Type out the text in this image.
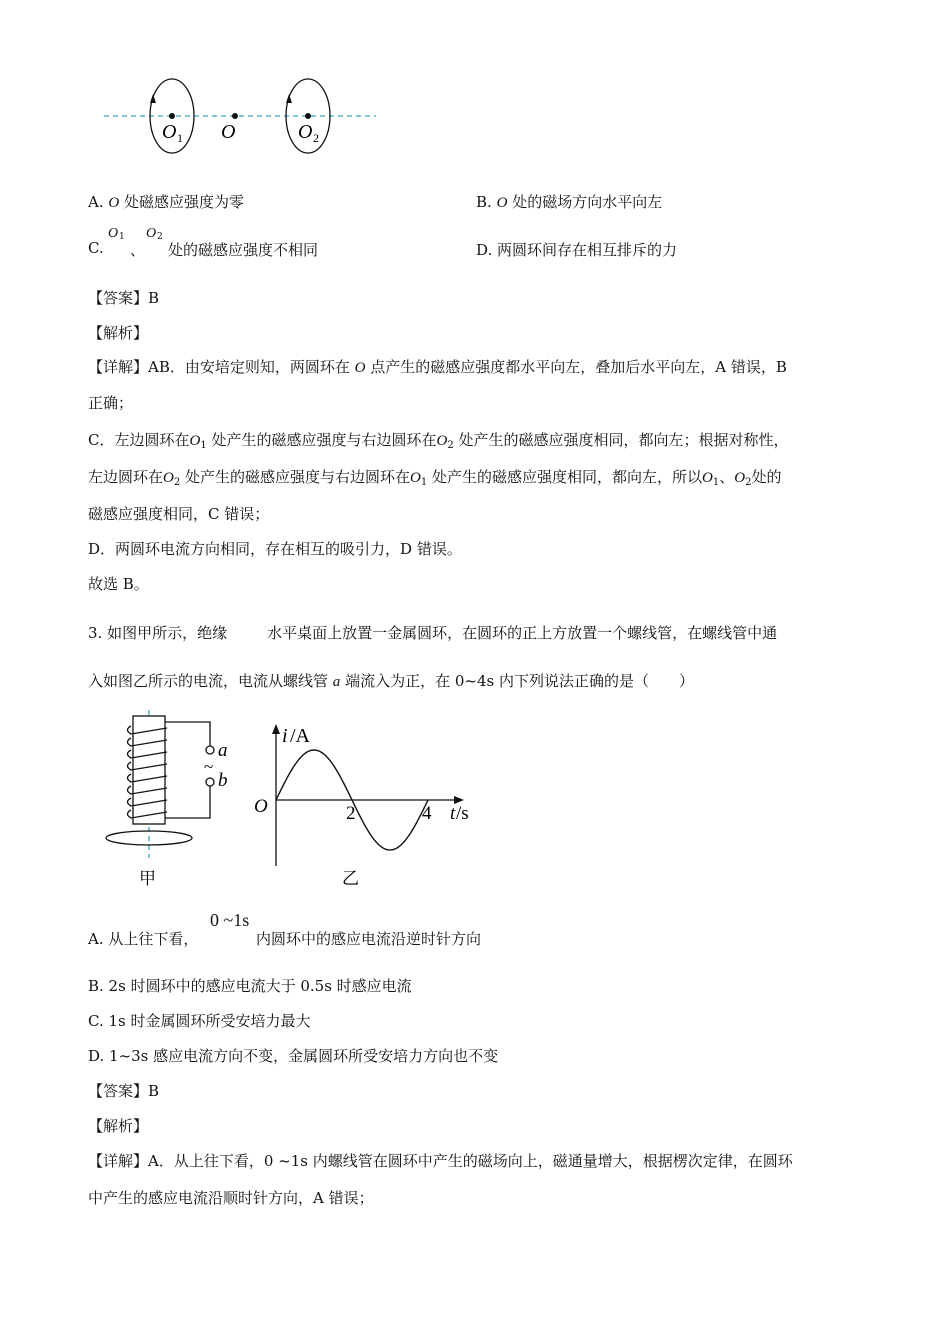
O 1 O	O 2
A. O 处磁感应强度为零	B. O 处的磁场方向水平向左
C.
O 1
、
O 2
处的磁感应强度不相同	D. 两圆环间存在相互排斥的力
【答案】B
【解析】
【详解】AB．由安培定则知，两圆环在 O 点产生的磁感应强度都水平向左，叠加后水平向左，A 错误，B
正确；
C．左边圆环在$O_1$ 处产生的磁感应强度与右边圆环在$O_2$ 处产生的磁感应强度相同，都向左；根据对称性，
左边圆环在$O_2$ 处产生的磁感应强度与右边圆环在$O_1$ 处产生的磁感应强度相同，都向左，所以$O_1$、$O_2$处的
磁感应强度相同，C 错误；
D．两圆环电流方向相同，存在相互的吸引力，D 错误。
故选 B。
3. 如图甲所示，绝缘	水平桌面上放置一金属圆环，在圆环的正上方放置一个螺线管，在螺线管中通
入如图乙所示的电流，电流从螺线管 a 端流入为正，在 0~4s 内下列说法正确的是（　　）
a
~
b
甲
i /A
O	2	4 t /s
乙
A. 从上往下看，
0 ~1s
内圆环中的感应电流沿逆时针方向
B. 2s 时圆环中的感应电流大于 0.5s 时感应电流
C. 1s 时金属圆环所受安培力最大
D. 1~3s 感应电流方向不变，金属圆环所受安培力方向也不变
【答案】B
【解析】
【详解】A．从上往下看，0 ~1s 内螺线管在圆环中产生的磁场向上，磁通量增大，根据楞次定律，在圆环
中产生的感应电流沿顺时针方向，A 错误；
